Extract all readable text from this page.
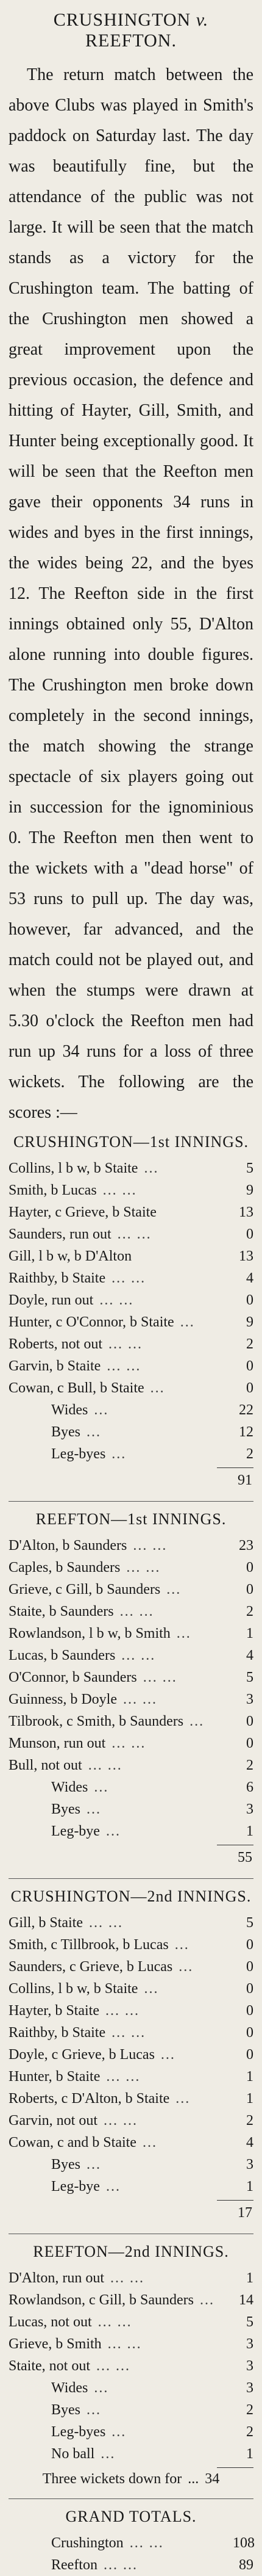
CRUSHINGTON v. REEFTON.

The return match between the above Clubs was played in Smith's paddock on Saturday last. The day was beautifully fine, but the attendance of the public was not large. It will be seen that the match stands as a victory for the Crushington team. The batting of the Crushington men showed a great improvement upon the previous occasion, the defence and hitting of Hayter, Gill, Smith, and Hunter being exceptionally good. It will be seen that the Reefton men gave their opponents 34 runs in wides and byes in the first innings, the wides being 22, and the byes 12. The Reefton side in the first innings obtained only 55, D'Alton alone running into double figures. The Crushington men broke down completely in the second innings, the match showing the strange spectacle of six players going out in succession for the ignominious 0. The Reefton men then went to the wickets with a "dead horse" of 53 runs to pull up. The day was, however, far advanced, and the match could not be played out, and when the stumps were drawn at 5.30 o'clock the Reefton men had run up 34 runs for a loss of three wickets. The following are the scores :—

CRUSHINGTON—1st INNINGS.
Collins, l b w, b Staite ...	5
Smith, b Lucas ... ...	9
Hayter, c Grieve, b Staite	13
Saunders, run out ... ...	0
Gill, l b w, b D'Alton	13
Raithby, b Staite ... ...	4
Doyle, run out ... ...	0
Hunter, c O'Connor, b Staite ...	9
Roberts, not out ... ...	2
Garvin, b Staite ... ...	0
Cowan, c Bull, b Staite ...	0
Wides ...	22
Byes ...	12
Leg-byes ...	2
91
REEFTON—1st INNINGS.
D'Alton, b Saunders ... ...	23
Caples, b Saunders ... ...	0
Grieve, c Gill, b Saunders ...	0
Staite, b Saunders ... ...	2
Rowlandson, l b w, b Smith ...	1
Lucas, b Saunders ... ...	4
O'Connor, b Saunders ... ...	5
Guinness, b Doyle ... ...	3
Tilbrook, c Smith, b Saunders ...	0
Munson, run out ... ...	0
Bull, not out ... ...	2
Wides ...	6
Byes ...	3
Leg-bye ...	1
55
CRUSHINGTON—2nd INNINGS.
Gill, b Staite ... ...	5
Smith, c Tillbrook, b Lucas ...	0
Saunders, c Grieve, b Lucas ...	0
Collins, l b w, b Staite ...	0
Hayter, b Staite ... ...	0
Raithby, b Staite ... ...	0
Doyle, c Grieve, b Lucas ...	0
Hunter, b Staite ... ...	1
Roberts, c D'Alton, b Staite ...	1
Garvin, not out ... ...	2
Cowan, c and b Staite ...	4
Byes ...	3
Leg-bye ...	1
17
REEFTON—2nd INNINGS.
D'Alton, run out ... ...	1
Rowlandson, c Gill, b Saunders ...	14
Lucas, not out ... ...	5
Grieve, b Smith ... ...	3
Staite, not out ... ...	3
Wides ...	3
Byes ...	2
Leg-byes ...	2
No ball ...	1
Three wickets down for ... 34
GRAND TOTALS.
Crushington ... ...	108
Reefton ... ...	89
